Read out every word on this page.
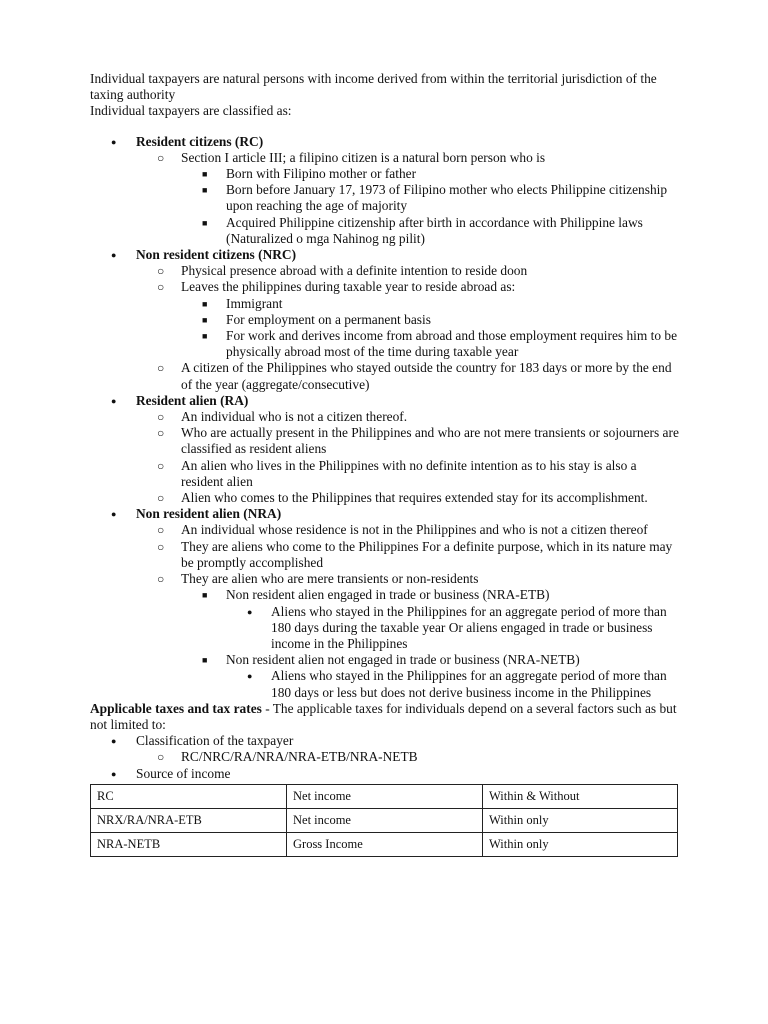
Individual taxpayers are natural persons with income derived from within the territorial jurisdiction of the taxing authority

Individual taxpayers are classified as:

● Resident citizens (RC)
○ Section I article III; a filipino citizen is a natural born person who is
■ Born with Filipino mother or father
■ Born before January 17, 1973 of Filipino mother who elects Philippine citizenship upon reaching the age of majority
■ Acquired Philippine citizenship after birth in accordance with Philippine laws (Naturalized o mga Nahinog ng pilit)
● Non resident citizens (NRC)
○ Physical presence abroad with a definite intention to reside doon
○ Leaves the philippines during taxable year to reside abroad as:
■ Immigrant
■ For employment on a permanent basis
■ For work and derives income from abroad and those employment requires him to be physically abroad most of the time during taxable year
○ A citizen of the Philippines who stayed outside the country for 183 days or more by the end of the year (aggregate/consecutive)
● Resident alien (RA)
○ An individual who is not a citizen thereof.
○ Who are actually present in the Philippines and who are not mere transients or sojourners are classified as resident aliens
○ An alien who lives in the Philippines with no definite intention as to his stay is also a resident alien
○ Alien who comes to the Philippines that requires extended stay for its accomplishment.
● Non resident alien (NRA)
○ An individual whose residence is not in the Philippines and who is not a citizen thereof
○ They are aliens who come to the Philippines For a definite purpose, which in its nature may be promptly accomplished
○ They are alien who are mere transients or non-residents
■ Non resident alien engaged in trade or business (NRA-ETB)
● Aliens who stayed in the Philippines for an aggregate period of more than 180 days during the taxable year Or aliens engaged in trade or business income in the Philippines
■ Non resident alien not engaged in trade or business (NRA-NETB)
● Aliens who stayed in the Philippines for an aggregate period of more than 180 days or less but does not derive business income in the Philippines

Applicable taxes and tax rates - The applicable taxes for individuals depend on a several factors such as but not limited to:

● Classification of the taxpayer
○ RC/NRC/RA/NRA/NRA-ETB/NRA-NETB
● Source of income
RC	Net income	Within & Without
NRX/RA/NRA-ETB	Net income	Within only
NRA-NETB	Gross Income	Within only
